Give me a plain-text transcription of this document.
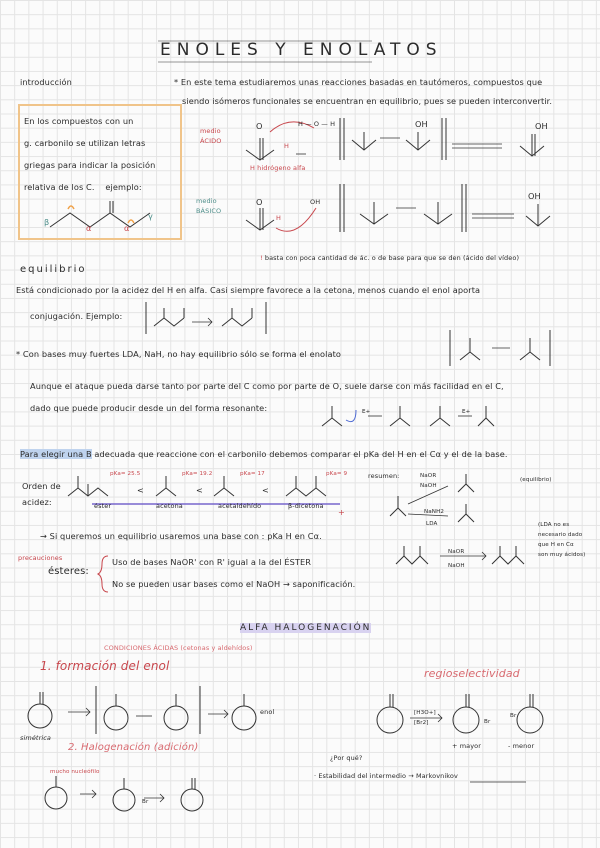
ENOLES Y ENOLATOS
introducción	* En este tema estudiaremos unas reacciones basadas en tautómeros, compuestos que
siendo isómeros funcionales se encuentran en equilibrio, pues se pueden interconvertir.
En los compuestos con un
g. carbonilo se utilizan letras
griegas para indicar la posición
relativa de los C. ejemplo:
β
α	α
γ
medio
ÁCIDO
O	H — O — H
H
H hidrógeno alfa
OH	OH
medio
BÁSICO
O	OH
H
OH
! basta con poca cantidad de ác. o de base para que se den (ácido del vídeo)
equilibrio
Está condicionado por la acidez del H en alfa. Casi siempre favorece a la cetona, menos cuando el enol aporta
conjugación. Ejemplo:
* Con bases muy fuertes LDA, NaH, no hay equilibrio sólo se forma el enolato
Aunque el ataque pueda darse tanto por parte del C como por parte de O, suele darse con más facilidad en el C,
dado que puede producir desde un del forma resonante:	E+	E+
Para elegir una B adecuada que reaccione con el carbonilo debemos comparar el pKa del H en el Cα y el de la base.
Orden de
acidez:
pKa= 25.5	pKa= 19.2	pKa= 17	pKa= 9
<	<	<
éster	acetona	acetaldehído	β-dicetona
+
→ Si queremos un equilibrio usaremos una base con : pKa H en Cα.
precauciones
ésteres:
Uso de bases NaOR' con R' igual a la del ÉSTER
No se pueden usar bases como el NaOH → saponificación.
resumen:	NaOR
NaOH
NaNH2
LDA
(equilibrio)
(LDA no es
necesario dado
que H en Cα
son muy ácidos)
NaOR
NaOH
ALFA HALOGENACIÓN
CONDICIONES ÁCIDAS (cetonas y aldehídos)
1. formación del enol
enol
simétrica
2. Halogenación (adición)
mucho nucleófilo
Br
regioselectividad
[H3O+]
[Br2]	Br
Br
+ mayor	- menor
¿Por qué?
· Estabilidad del intermedio → Markovnikov
